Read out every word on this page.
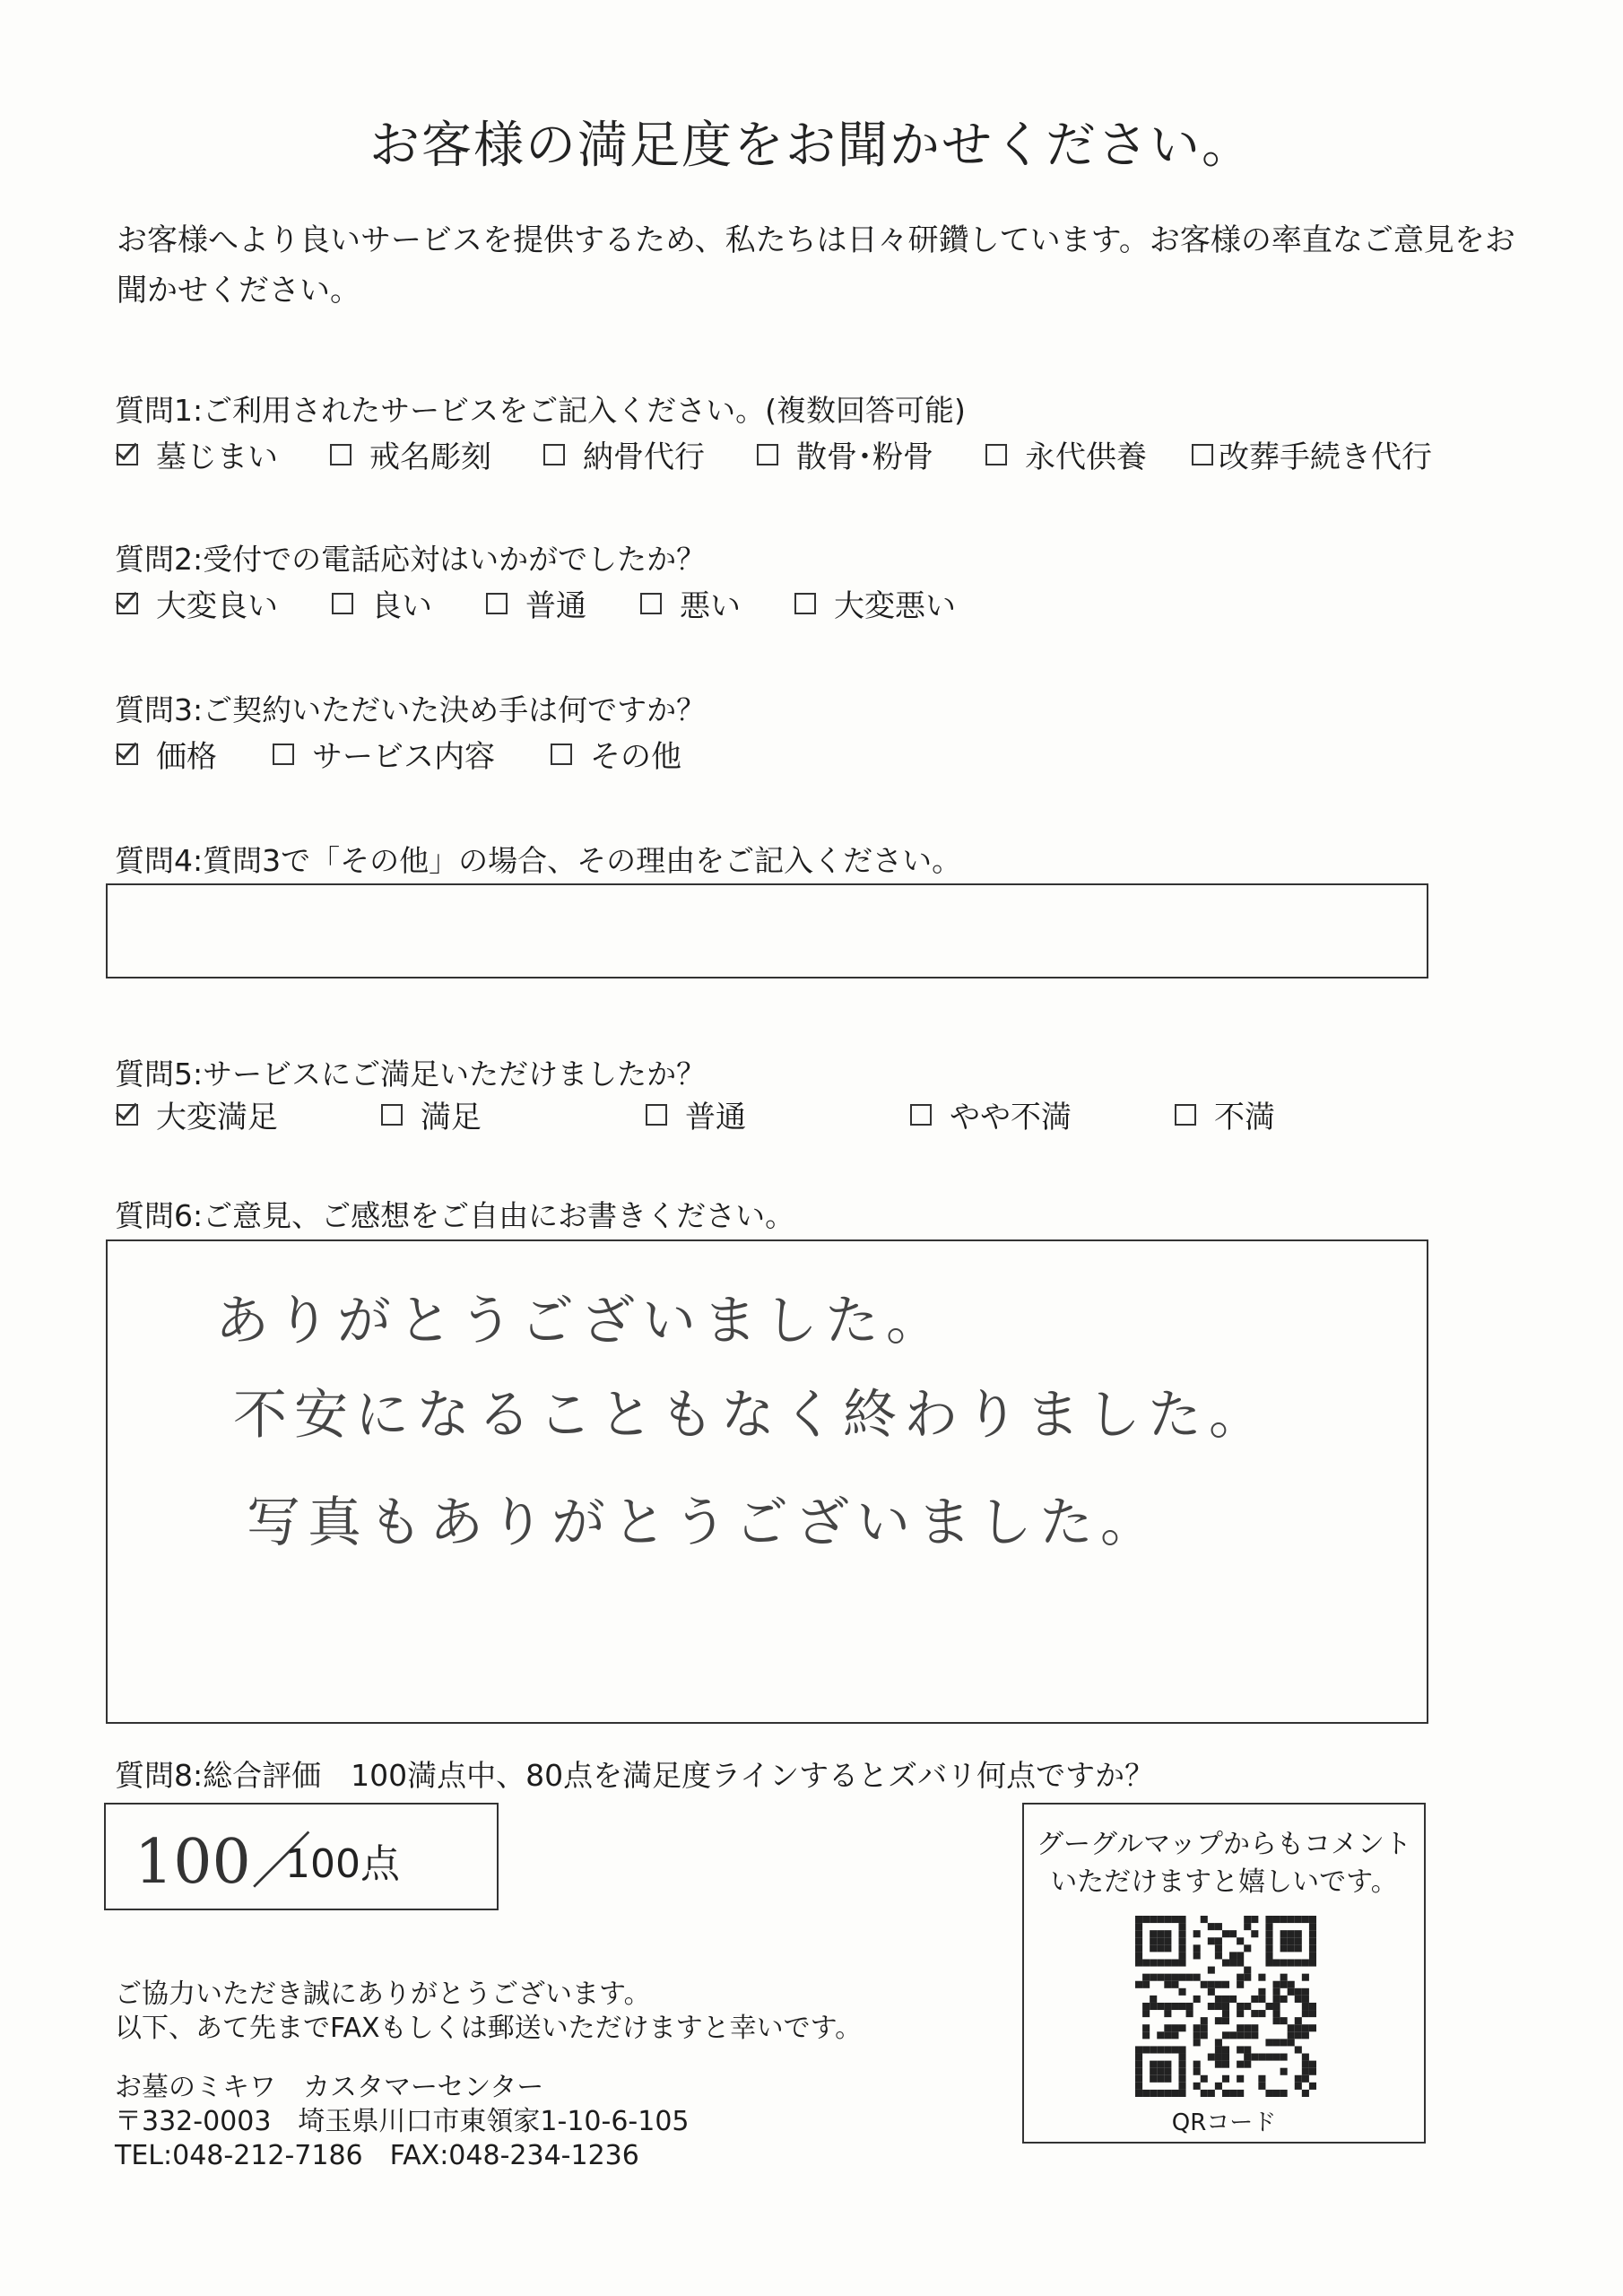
お客様の満足度をお聞かせください。
お客様へより良いサービスを提供するため、私たちは日々研鑽しています。お客様の率直なご意見をお聞かせください。
質問1:ご利用されたサービスをご記入ください。(複数回答可能)
墓じまい	戒名彫刻	納骨代行	散骨･粉骨	永代供養 改葬手続き代行
質問2:受付での電話応対はいかがでしたか？
大変良い	良い	普通	悪い	大変悪い
質問3:ご契約いただいた決め手は何ですか？
価格	サービス内容	その他
質問4:質問3で「その他」の場合、その理由をご記入ください。
質問5:サービスにご満足いただけましたか？
大変満足	満足	普通	やや不満	不満
質問6:ご意見、ご感想をご自由にお書きください。
ありがとうございました。
不安になることもなく終わりました。
写真もありがとうございました。
質問8:総合評価　100満点中、80点を満足度ラインするとズバリ何点ですか？
100／
100点	グーグルマップからもコメント
いただけますと嬉しいです。
QRコード
ご協力いただき誠にありがとうございます。
以下、あて先までFAXもしくは郵送いただけますと幸いです。
お墓のミキワ　カスタマーセンター
〒332-0003　埼玉県川口市東領家1-10-6-105
TEL:048-212-7186　FAX:048-234-1236
